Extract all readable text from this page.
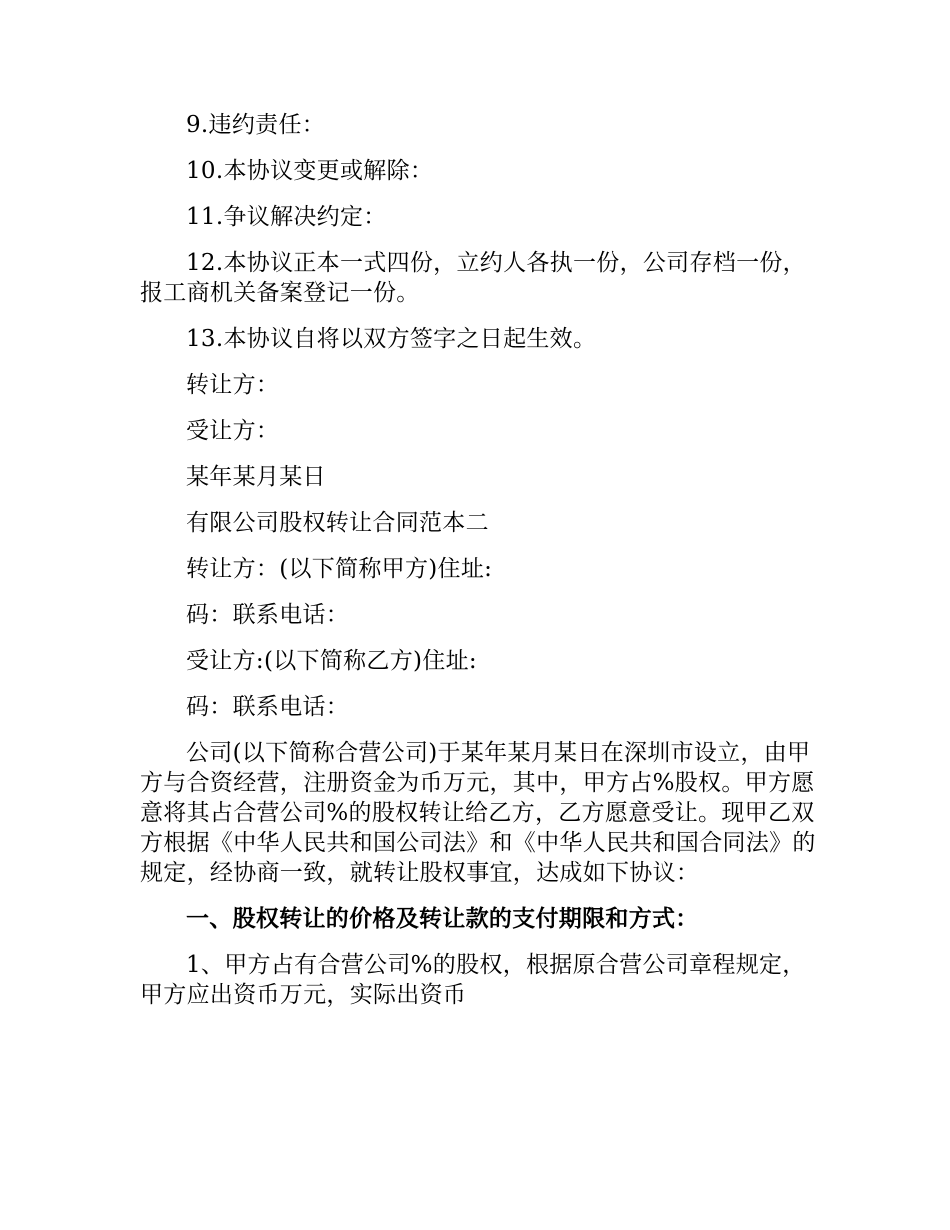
9.违约责任：

10.本协议变更或解除：

11.争议解决约定：

12.本协议正本一式四份，立约人各执一份，公司存档一份，报工商机关备案登记一份。

13.本协议自将以双方签字之日起生效。

转让方：

受让方：

某年某月某日

有限公司股权转让合同范本二

转让方：(以下简称甲方)住址:

码：联系电话：

受让方:(以下简称乙方)住址:

码：联系电话：

公司(以下简称合营公司)于某年某月某日在深圳市设立，由甲方与合资经营，注册资金为币万元，其中，甲方占%股权。甲方愿意将其占合营公司%的股权转让给乙方，乙方愿意受让。现甲乙双方根据《中华人民共和国公司法》和《中华人民共和国合同法》的规定，经协商一致，就转让股权事宜，达成如下协议：

一、股权转让的价格及转让款的支付期限和方式：

1、甲方占有合营公司%的股权，根据原合营公司章程规定，甲方应出资币万元，实际出资币
